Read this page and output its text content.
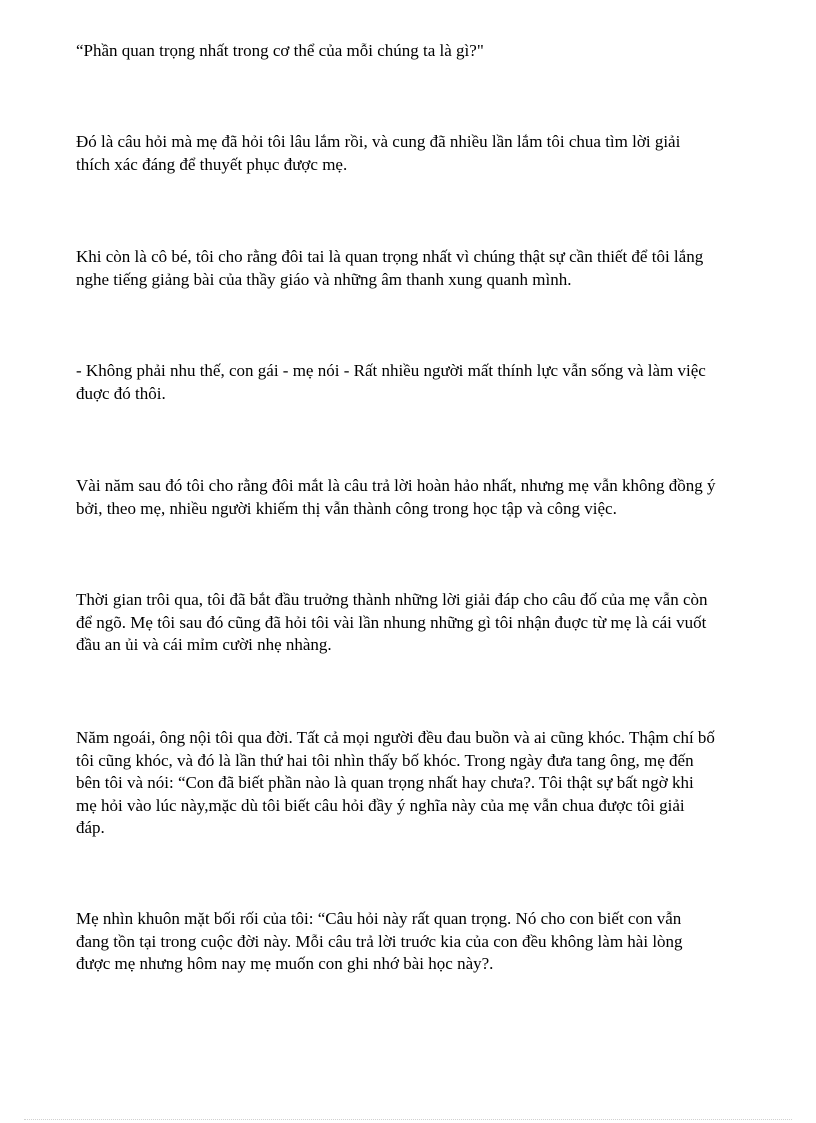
“Phần quan trọng nhất trong cơ thể của mỗi chúng ta là gì?"

Đó là câu hỏi mà mẹ đã hỏi tôi lâu lắm rồi, và cung đã nhiều lần lắm tôi chua tìm lời giải
thích xác đáng để thuyết phục được mẹ.

Khi còn là cô bé, tôi cho rằng đôi tai là quan trọng nhất vì chúng thật sự cần thiết để tôi lắng
nghe tiếng giảng bài của thầy giáo và những âm thanh xung quanh mình.

- Không phải nhu thế, con gái - mẹ nói - Rất nhiều người mất thính lực vẫn sống và làm việc
đuợc đó thôi.

Vài năm sau đó tôi cho rằng đôi mắt là câu trả lời hoàn hảo nhất, nhưng mẹ vẫn không đồng ý
bởi, theo mẹ, nhiều người khiếm thị vẫn thành công trong học tập và công việc.

Thời gian trôi qua, tôi đã bắt đầu truởng thành những lời giải đáp cho câu đố của mẹ vẫn còn
để ngõ. Mẹ tôi sau đó cũng đã hỏi tôi vài lần nhung những gì tôi nhận đuợc từ mẹ là cái vuốt
đầu an ủi và cái mỉm cười nhẹ nhàng.

Năm ngoái, ông nội tôi qua đời. Tất cả mọi người đều đau buồn và ai cũng khóc. Thậm chí bố
tôi cũng khóc, và đó là lần thứ hai tôi nhìn thấy bố khóc. Trong ngày đưa tang ông, mẹ đến
bên tôi và nói: “Con đã biết phần nào là quan trọng nhất hay chưa?. Tôi thật sự bất ngờ khi
mẹ hỏi vào lúc này,mặc dù tôi biết câu hỏi đầy ý nghĩa này của mẹ vẫn chua được tôi giải
đáp.

Mẹ nhìn khuôn mặt bối rối của tôi: “Câu hỏi này rất quan trọng. Nó cho con biết con vẫn
đang tồn tại trong cuộc đời này. Mỗi câu trả lời truớc kia của con đều không làm hài lòng
được mẹ nhưng hôm nay mẹ muốn con ghi nhớ bài học này?.
